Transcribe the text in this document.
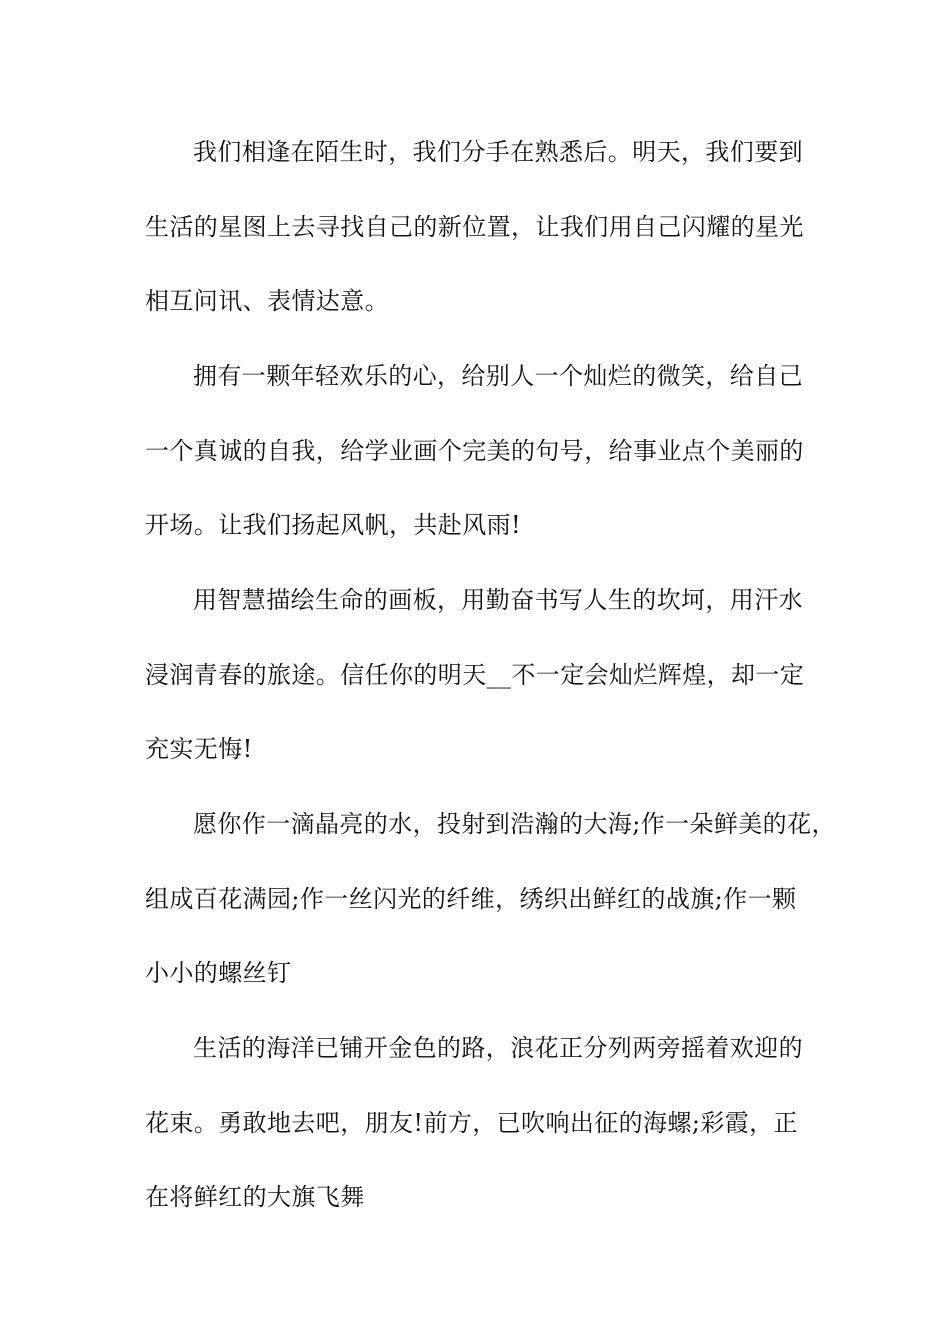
我们相逢在陌生时，我们分手在熟悉后。明天，我们要到
生活的星图上去寻找自己的新位置，让我们用自己闪耀的星光
相互问讯、表情达意。
拥有一颗年轻欢乐的心，给别人一个灿烂的微笑，给自己
一个真诚的自我，给学业画个完美的句号，给事业点个美丽的
开场。让我们扬起风帆，共赴风雨!
用智慧描绘生命的画板，用勤奋书写人生的坎坷，用汗水
浸润青春的旅途。信任你的明天__不一定会灿烂辉煌，却一定
充实无悔!
愿你作一滴晶亮的水，投射到浩瀚的大海;作一朵鲜美的花，
组成百花满园;作一丝闪光的纤维，绣织出鲜红的战旗;作一颗
小小的螺丝钉
生活的海洋已铺开金色的路，浪花正分列两旁摇着欢迎的
花束。勇敢地去吧，朋友!前方，已吹响出征的海螺;彩霞，正
在将鲜红的大旗飞舞
